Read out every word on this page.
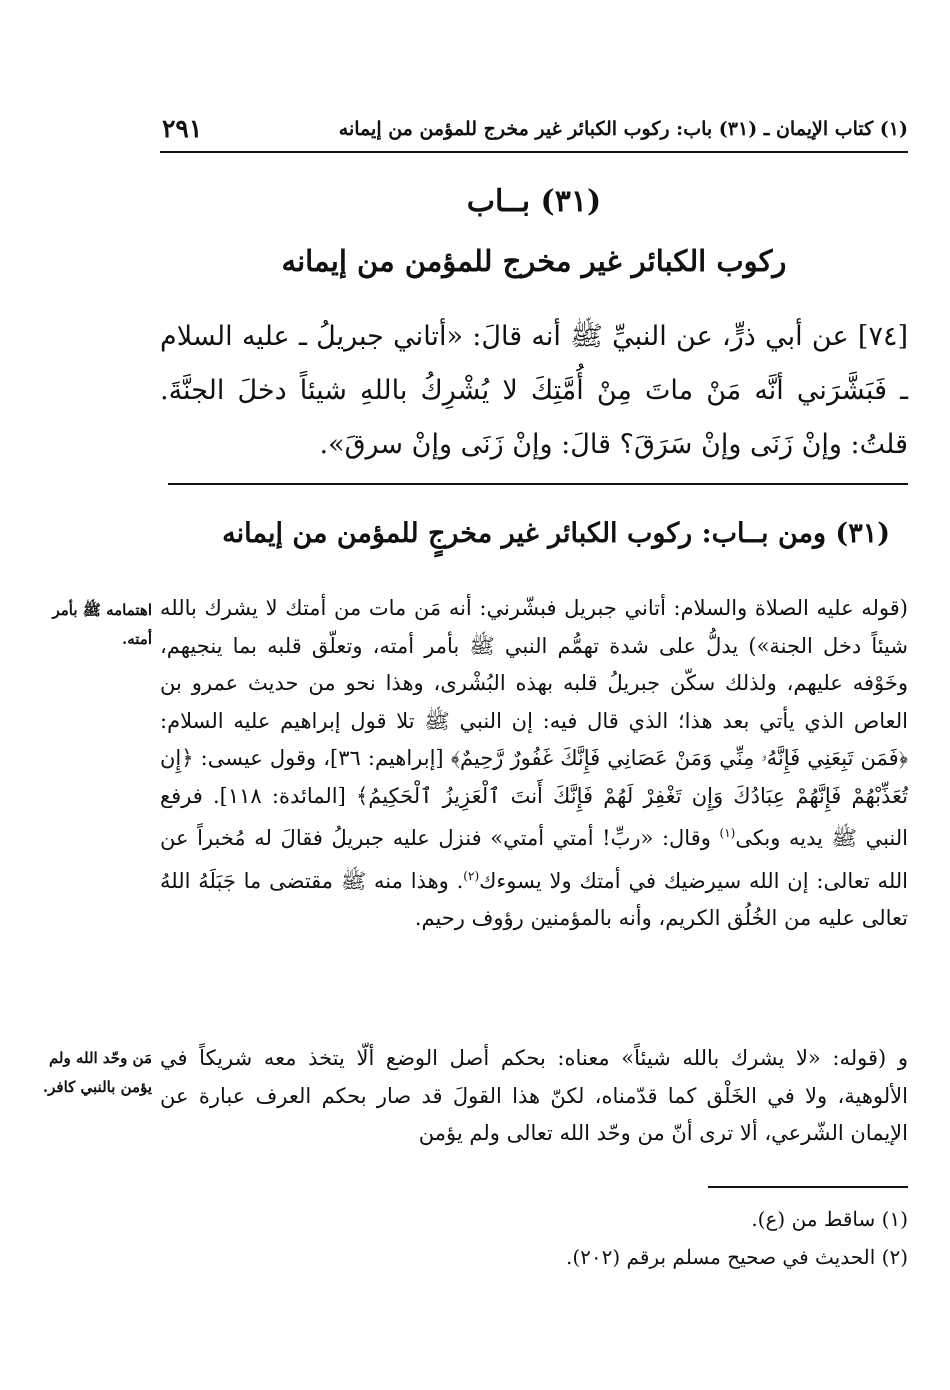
(١) كتاب الإيمان ـ (٣١) باب: ركوب الكبائر غير مخرج للمؤمن من إيمانه
٢٩١
(٣١) بــاب
ركوب الكبائر غير مخرج للمؤمن من إيمانه
[٧٤] عن أبي ذرٍّ، عن النبيِّ ﷺ أنه قالَ: «أتاني جبريلُ ـ عليه السلام ـ فَبَشَّرَني أنَّه مَنْ ماتَ مِنْ أُمَّتِكَ لا يُشْرِكُ باللهِ شيئاً دخلَ الجنَّةَ. قلتُ: وإنْ زَنَى وإنْ سَرَقَ؟ قالَ: وإنْ زَنَى وإنْ سرقَ».
(٣١) ومن بــاب: ركوب الكبائر غير مخرجٍ للمؤمن من إيمانه
(قوله عليه الصلاة والسلام: أتاني جبريل فبشّرني: أنه مَن مات من أمتك لا يشرك بالله شيئاً دخل الجنة») يدلُّ على شدة تهمُّم النبي ﷺ بأمر أمته، وتعلّق قلبه بما ينجيهم، وخَوْفه عليهم، ولذلك سكّن جبريلُ قلبه بهذه البُشْرى، وهذا نحو من حديث عمرو بن العاص الذي يأتي بعد هذا؛ الذي قال فيه: إن النبي ﷺ تلا قول إبراهيم عليه السلام: ﴿فَمَن تَبِعَنِي فَإِنَّهُۥ مِنِّي وَمَنْ عَصَانِي فَإِنَّكَ غَفُورٌ رَّحِيمٌ﴾ [إبراهيم: ٣٦]، وقول عيسى: ﴿إِن تُعَذِّبْهُمْ فَإِنَّهُمْ عِبَادُكَ وَإِن تَغْفِرْ لَهُمْ فَإِنَّكَ أَنتَ ٱلْعَزِيزُ ٱلْحَكِيمُ﴾ [المائدة: ١١٨]. فرفع النبي ﷺ يديه وبكى$^{(١)}$ وقال: «ربِّ! أمتي أمتي» فنزل عليه جبريلُ فقالَ له مُخبراً عن الله تعالى: إن الله سيرضيك في أمتك ولا يسوءك$^{(٢)}$. وهذا منه ﷺ مقتضى ما جَبَلَهُ اللهُ تعالى عليه من الخُلُق الكريم، وأنه بالمؤمنين رؤوف رحيم.
اهتمامه ﷺ بأمر أمته.
و (قوله: «لا يشرك بالله شيئاً» معناه: بحكم أصل الوضع ألّا يتخذ معه شريكاً في الألوهية، ولا في الخَلْق كما قدّمناه، لكنّ هذا القولَ قد صار بحكم العرف عبارة عن الإيمان الشّرعي، ألا ترى أنّ من وحّد الله تعالى ولم يؤمن
مَن وحّد الله ولم يؤمن بالنبي كافر.
(١) ساقط من (ع).
(٢) الحديث في صحيح مسلم برقم (٢٠٢).
